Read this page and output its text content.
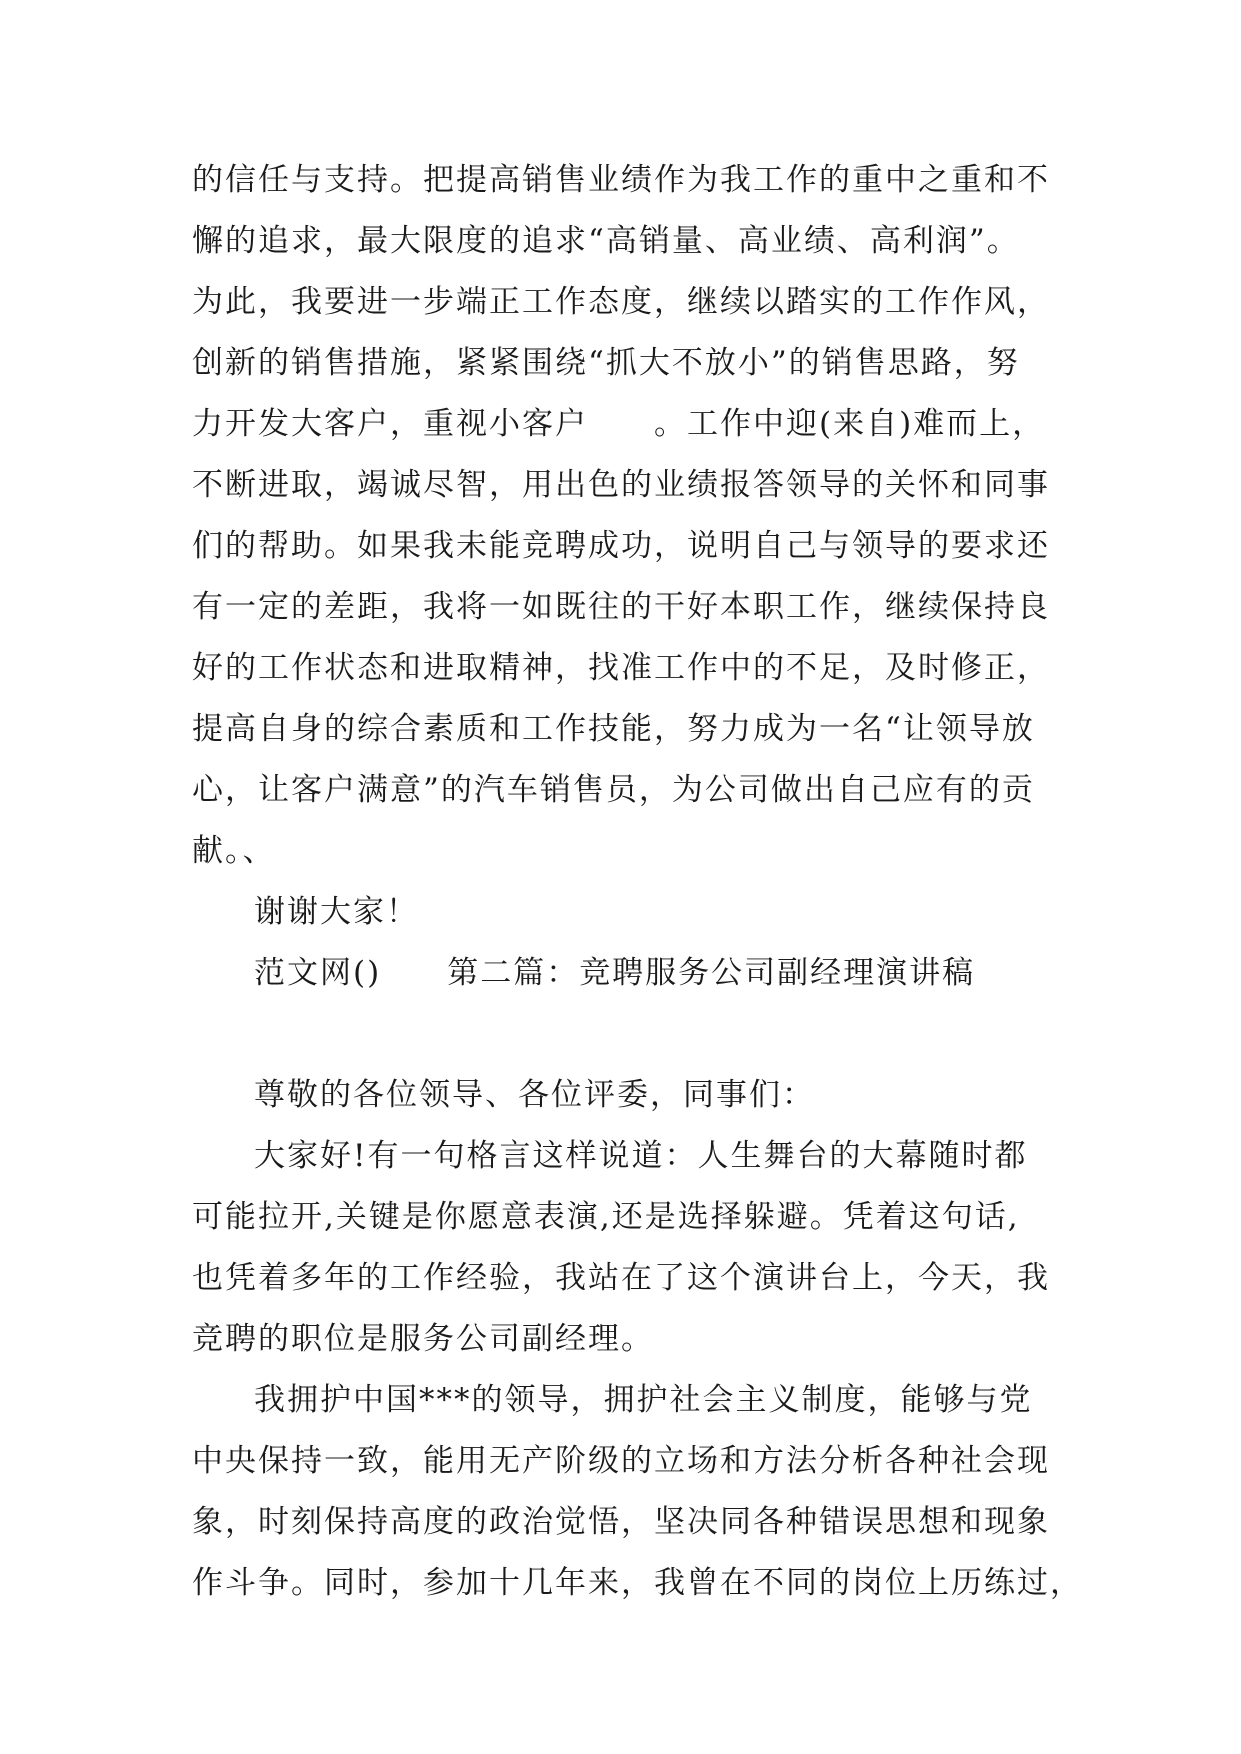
的信任与支持。把提高销售业绩作为我工作的重中之重和不
懈的追求，最大限度的追求“高销量、高业绩、高利润”。
为此，我要进一步端正工作态度，继续以踏实的工作作风，
创新的销售措施，紧紧围绕“抓大不放小”的销售思路，努
力开发大客户，重视小客户　　。工作中迎(来自)难而上，
不断进取，竭诚尽智，用出色的业绩报答领导的关怀和同事
们的帮助。如果我未能竞聘成功，说明自己与领导的要求还
有一定的差距，我将一如既往的干好本职工作，继续保持良
好的工作状态和进取精神，找准工作中的不足，及时修正，
提高自身的综合素质和工作技能，努力成为一名“让领导放
心，让客户满意”的汽车销售员，为公司做出自己应有的贡
献。、
谢谢大家！
范文网()　　第二篇：竞聘服务公司副经理演讲稿
尊敬的各位领导、各位评委，同事们：
大家好!有一句格言这样说道：人生舞台的大幕随时都
可能拉开,关键是你愿意表演,还是选择躲避。凭着这句话,
也凭着多年的工作经验，我站在了这个演讲台上，今天，我
竞聘的职位是服务公司副经理。
我拥护中国***的领导，拥护社会主义制度，能够与党
中央保持一致，能用无产阶级的立场和方法分析各种社会现
象，时刻保持高度的政治觉悟，坚决同各种错误思想和现象
作斗争。同时，参加十几年来，我曾在不同的岗位上历练过，
